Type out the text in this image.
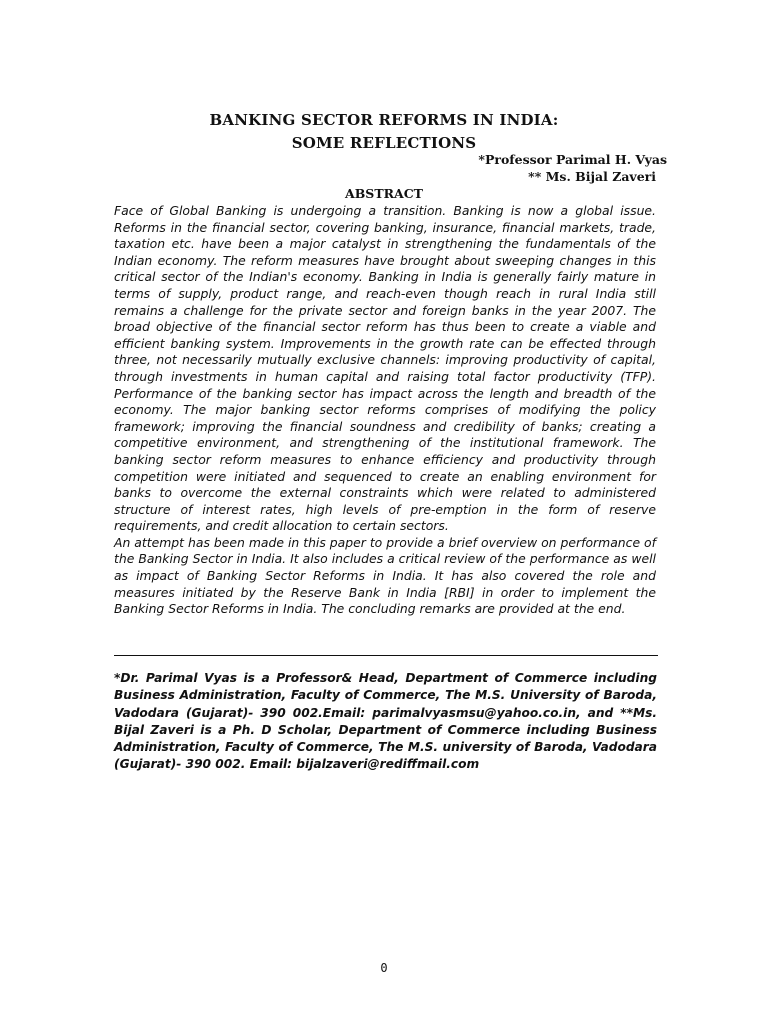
BANKING SECTOR REFORMS IN INDIA:
SOME REFLECTIONS
*Professor Parimal H. Vyas
** Ms. Bijal Zaveri
ABSTRACT

Face of Global Banking is undergoing a transition. Banking is now a global issue. Reforms in the financial sector, covering banking, insurance, financial markets, trade, taxation etc. have been a major catalyst in strengthening the fundamentals of the Indian economy. The reform measures have brought about sweeping changes in this critical sector of the Indian's economy. Banking in India is generally fairly mature in terms of supply, product range, and reach-even though reach in rural India still remains a challenge for the private sector and foreign banks in the year 2007. The broad objective of the financial sector reform has thus been to create a viable and efficient banking system. Improvements in the growth rate can be effected through three, not necessarily mutually exclusive channels: improving productivity of capital, through investments in human capital and raising total factor productivity (TFP). Performance of the banking sector has impact across the length and breadth of the economy. The major banking sector reforms comprises of modifying the policy framework; improving the financial soundness and credibility of banks; creating a competitive environment, and strengthening of the institutional framework. The banking sector reform measures to enhance efficiency and productivity through competition were initiated and sequenced to create an enabling environment for banks to overcome the external constraints which were related to administered structure of interest rates, high levels of pre-emption in the form of reserve requirements, and credit allocation to certain sectors.

An attempt has been made in this paper to provide a brief overview on performance of the Banking Sector in India. It also includes a critical review of the performance as well as impact of Banking Sector Reforms in India. It has also covered the role and measures initiated by the Reserve Bank in India [RBI] in order to implement the Banking Sector Reforms in India. The concluding remarks are provided at the end.

*Dr. Parimal Vyas is a Professor& Head, Department of Commerce including Business Administration, Faculty of Commerce, The M.S. University of Baroda, Vadodara (Gujarat)- 390 002.Email: parimalvyasmsu@yahoo.co.in, and **Ms. Bijal Zaveri is a Ph. D Scholar, Department of Commerce including Business Administration, Faculty of Commerce, The M.S. university of Baroda, Vadodara (Gujarat)- 390 002. Email: bijalzaveri@rediffmail.com
0
